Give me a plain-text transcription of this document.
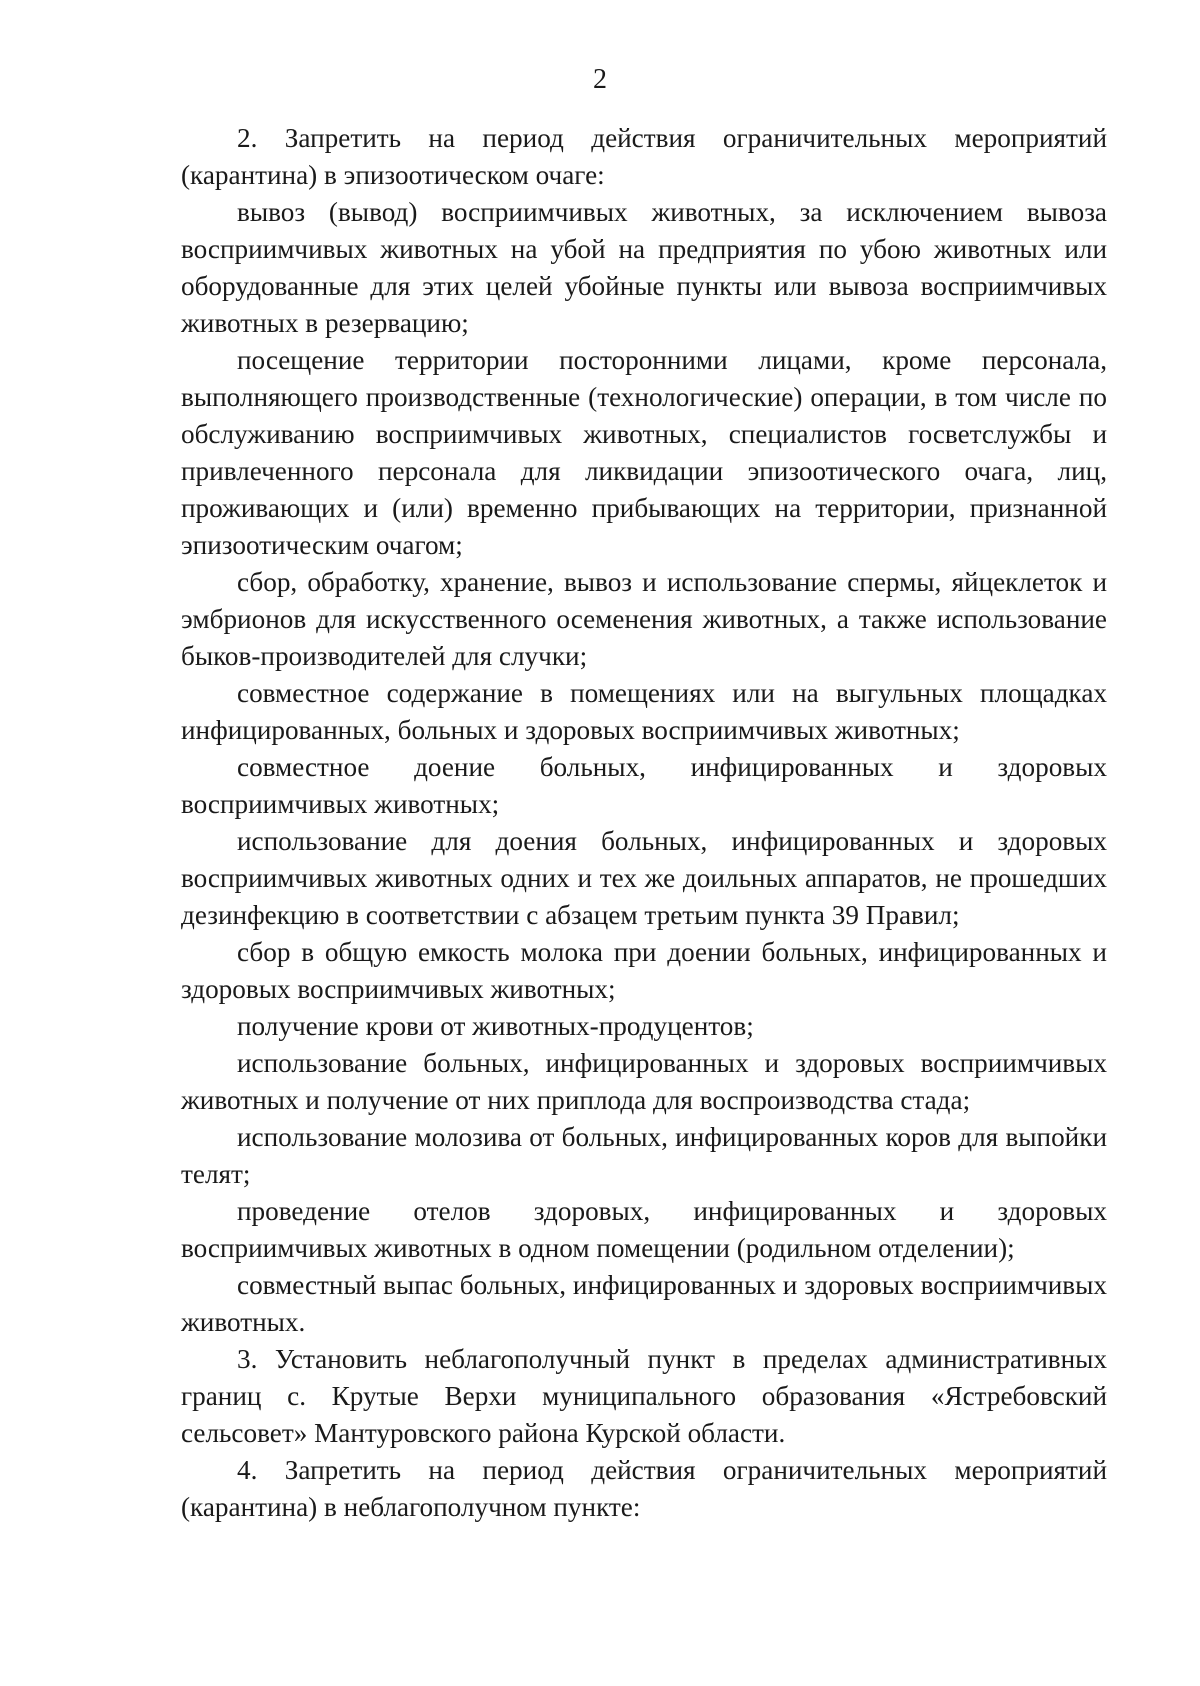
2

2. Запретить на период действия ограничительных мероприятий (карантина) в эпизоотическом очаге:

вывоз (вывод) восприимчивых животных, за исключением вывоза восприимчивых животных на убой на предприятия по убою животных или оборудованные для этих целей убойные пункты или вывоза восприимчивых животных в резервацию;

посещение территории посторонними лицами, кроме персонала, выполняющего производственные (технологические) операции, в том числе по обслуживанию восприимчивых животных, специалистов госветслужбы и привлеченного персонала для ликвидации эпизоотического очага, лиц, проживающих и (или) временно прибывающих на территории, признанной эпизоотическим очагом;

сбор, обработку, хранение, вывоз и использование спермы, яйцеклеток и эмбрионов для искусственного осеменения животных, а также использование быков-производителей для случки;

совместное содержание в помещениях или на выгульных площадках инфицированных, больных и здоровых восприимчивых животных;

совместное доение больных, инфицированных и здоровых восприимчивых животных;

использование для доения больных, инфицированных и здоровых восприимчивых животных одних и тех же доильных аппаратов, не прошедших дезинфекцию в соответствии с абзацем третьим пункта 39 Правил;

сбор в общую емкость молока при доении больных, инфицированных и здоровых восприимчивых животных;

получение крови от животных-продуцентов;

использование больных, инфицированных и здоровых восприимчивых животных и получение от них приплода для воспроизводства стада;

использование молозива от больных, инфицированных коров для выпойки телят;

проведение отелов здоровых, инфицированных и здоровых восприимчивых животных в одном помещении (родильном отделении);

совместный выпас больных, инфицированных и здоровых восприимчивых животных.

3. Установить неблагополучный пункт в пределах административных границ с. Крутые Верхи муниципального образования «Ястребовский сельсовет» Мантуровского района Курской области.

4. Запретить на период действия ограничительных мероприятий (карантина) в неблагополучном пункте:
